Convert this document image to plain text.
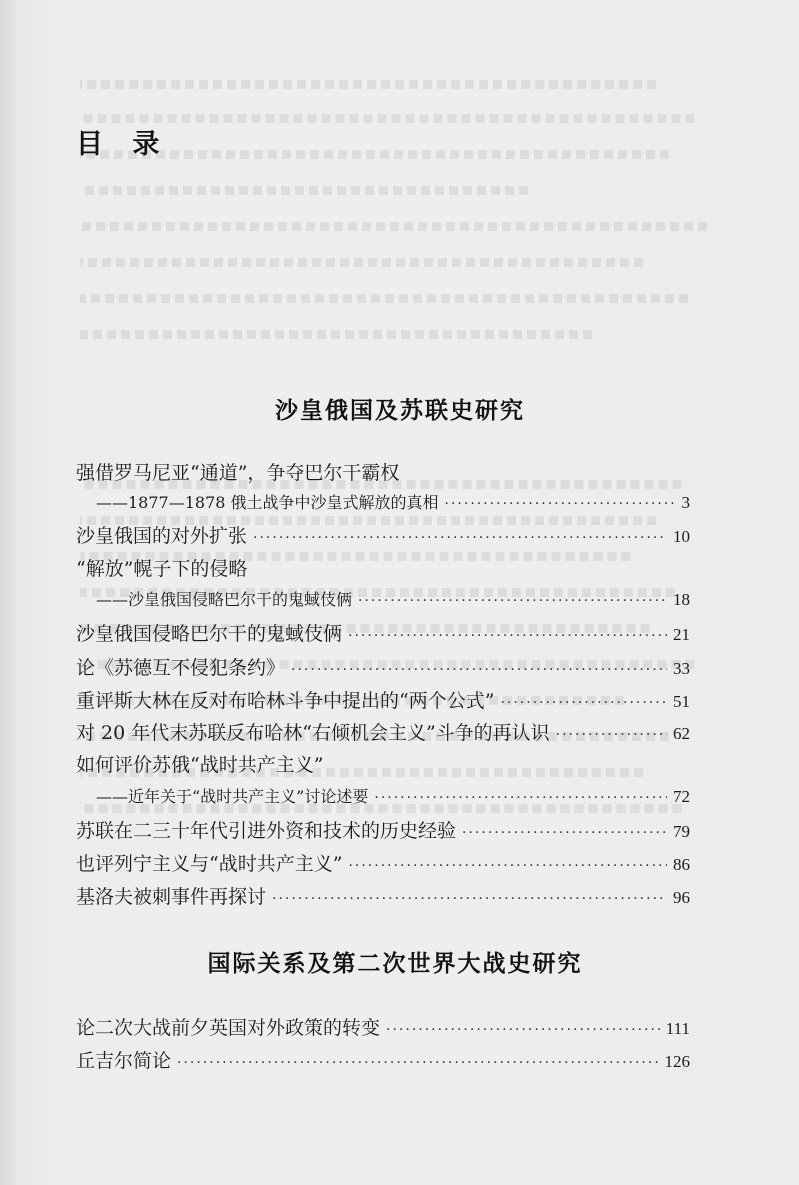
目 录
沙皇俄国及苏联史研究
强借罗马尼亚“通道”，争夺巴尔干霸权
——1877—1878 俄土战争中沙皇式解放的真相 ·····	3
沙皇俄国的对外扩张 ·····	10
“解放”幌子下的侵略
——沙皇俄国侵略巴尔干的鬼蜮伎俩 ·····	18
沙皇俄国侵略巴尔干的鬼蜮伎俩 ·····	21
论《苏德互不侵犯条约》 ·····	33
重评斯大林在反对布哈林斗争中提出的“两个公式” ·····	51
对 20 年代末苏联反布哈林“右倾机会主义”斗争的再认识 ·····	62
如何评价苏俄“战时共产主义”
——近年关于“战时共产主义”讨论述要 ·····	72
苏联在二三十年代引进外资和技术的历史经验 ·····	79
也评列宁主义与“战时共产主义” ·····	86
基洛夫被刺事件再探讨 ·····	96
国际关系及第二次世界大战史研究
论二次大战前夕英国对外政策的转变 ·····	111
丘吉尔简论 ·····	126
